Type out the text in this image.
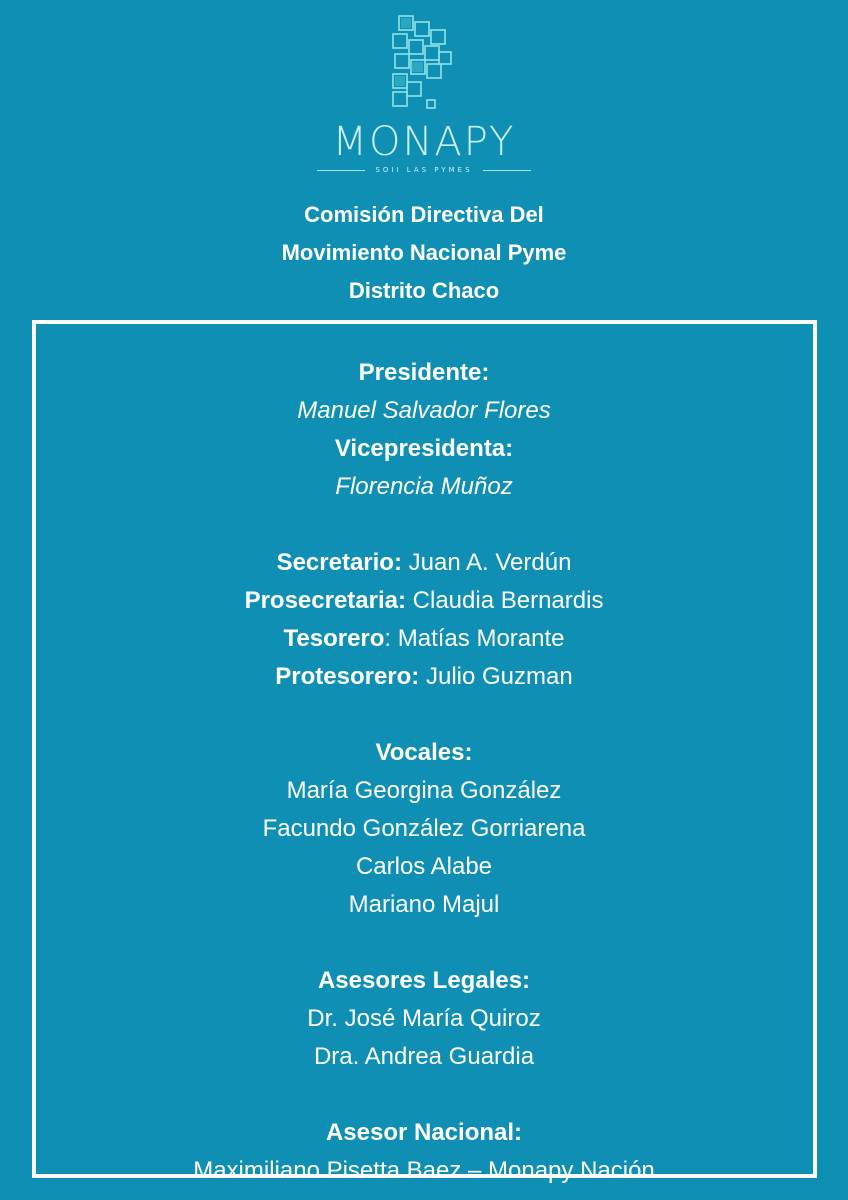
MONAPY
SOII LAS PYMES
Comisión Directiva Del
Movimiento Nacional Pyme
Distrito Chaco
Presidente:
Manuel Salvador Flores
Vicepresidenta:
Florencia Muñoz
Secretario: Juan A. Verdún
Prosecretaria: Claudia Bernardis
Tesorero: Matías Morante
Protesorero: Julio Guzman
Vocales:
María Georgina González
Facundo González Gorriarena
Carlos Alabe
Mariano Majul
Asesores Legales:
Dr. José María Quiroz
Dra. Andrea Guardia
Asesor Nacional:
Maximiliano Pisetta Baez – Monapy Nación
